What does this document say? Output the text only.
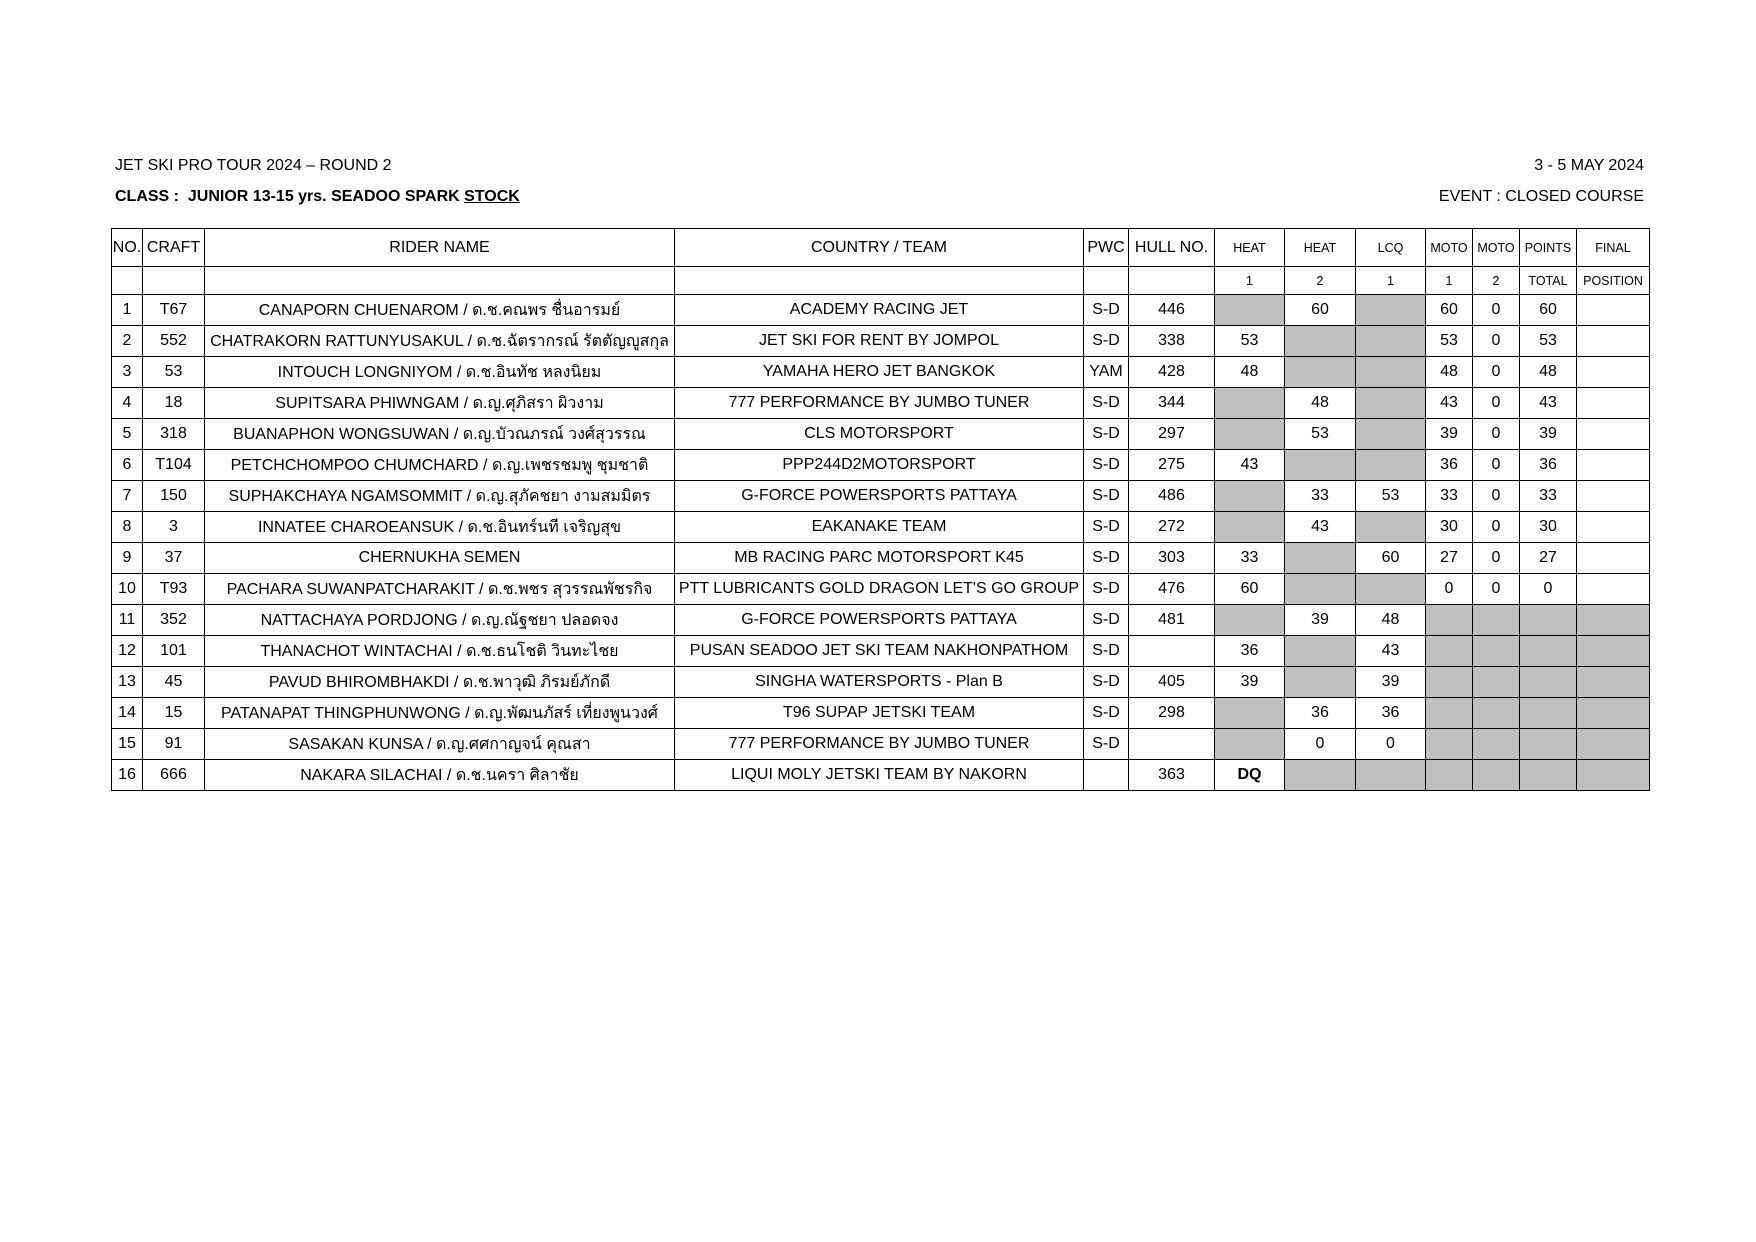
JET SKI PRO TOUR 2024 – ROUND 2	3 - 5 MAY 2024
CLASS :  JUNIOR 13-15 yrs. SEADOO SPARK STOCK	EVENT : CLOSED COURSE
NO.	CRAFT	RIDER NAME	COUNTRY / TEAM	PWC	HULL NO.	HEAT	HEAT	LCQ	MOTO	MOTO	POINTS	FINAL
						1	2	1	1	2	TOTAL	POSITION
1	T67	CANAPORN CHUENAROM / ด.ช.คณพร ชื่นอารมย์	ACADEMY RACING JET	S-D	446		60		60	0	60	
2	552	CHATRAKORN RATTUNYUSAKUL / ด.ช.ฉัตรากรณ์ รัตตัญญูสกุล	JET SKI FOR RENT BY JOMPOL	S-D	338	53			53	0	53	
3	53	INTOUCH LONGNIYOM / ด.ช.อินทัช หลงนิยม	YAMAHA HERO JET BANGKOK	YAM	428	48			48	0	48	
4	18	SUPITSARA PHIWNGAM / ด.ญ.ศุภิสรา ผิวงาม	777 PERFORMANCE BY JUMBO TUNER	S-D	344		48		43	0	43	
5	318	BUANAPHON WONGSUWAN / ด.ญ.บัวณภรณ์ วงศ์สุวรรณ	CLS MOTORSPORT	S-D	297		53		39	0	39	
6	T104	PETCHCHOMPOO CHUMCHARD / ด.ญ.เพชรชมพู ชุมชาติ	PPP244D2MOTORSPORT	S-D	275	43			36	0	36	
7	150	SUPHAKCHAYA NGAMSOMMIT / ด.ญ.สุภัคชยา งามสมมิตร	G-FORCE POWERSPORTS PATTAYA	S-D	486		33	53	33	0	33	
8	3	INNATEE CHAROEANSUK / ด.ช.อินทร์นที เจริญสุข	EAKANAKE TEAM	S-D	272		43		30	0	30	
9	37	CHERNUKHA SEMEN	MB RACING PARC MOTORSPORT K45	S-D	303	33		60	27	0	27	
10	T93	PACHARA SUWANPATCHARAKIT / ด.ช.พชร สุวรรณพัชรกิจ	PTT LUBRICANTS GOLD DRAGON LET'S GO GROUP	S-D	476	60			0	0	0	
11	352	NATTACHAYA PORDJONG / ด.ญ.ณัฐชยา ปลอดจง	G-FORCE POWERSPORTS PATTAYA	S-D	481		39	48				
12	101	THANACHOT WINTACHAI / ด.ช.ธนโชติ วินทะไชย	PUSAN SEADOO JET SKI TEAM NAKHONPATHOM	S-D		36		43				
13	45	PAVUD BHIROMBHAKDI / ด.ช.พาวุฒิ ภิรมย์ภักดี	SINGHA WATERSPORTS - Plan B	S-D	405	39		39				
14	15	PATANAPAT THINGPHUNWONG / ด.ญ.พัฒนภัสร์ เที่ยงพูนวงศ์	T96 SUPAP JETSKI TEAM	S-D	298		36	36				
15	91	SASAKAN KUNSA / ด.ญ.ศศกาญจน์ คุณสา	777 PERFORMANCE BY JUMBO TUNER	S-D			0	0				
16	666	NAKARA SILACHAI / ด.ช.นครา ศิลาชัย	LIQUI MOLY JETSKI TEAM BY NAKORN		363	DQ						
